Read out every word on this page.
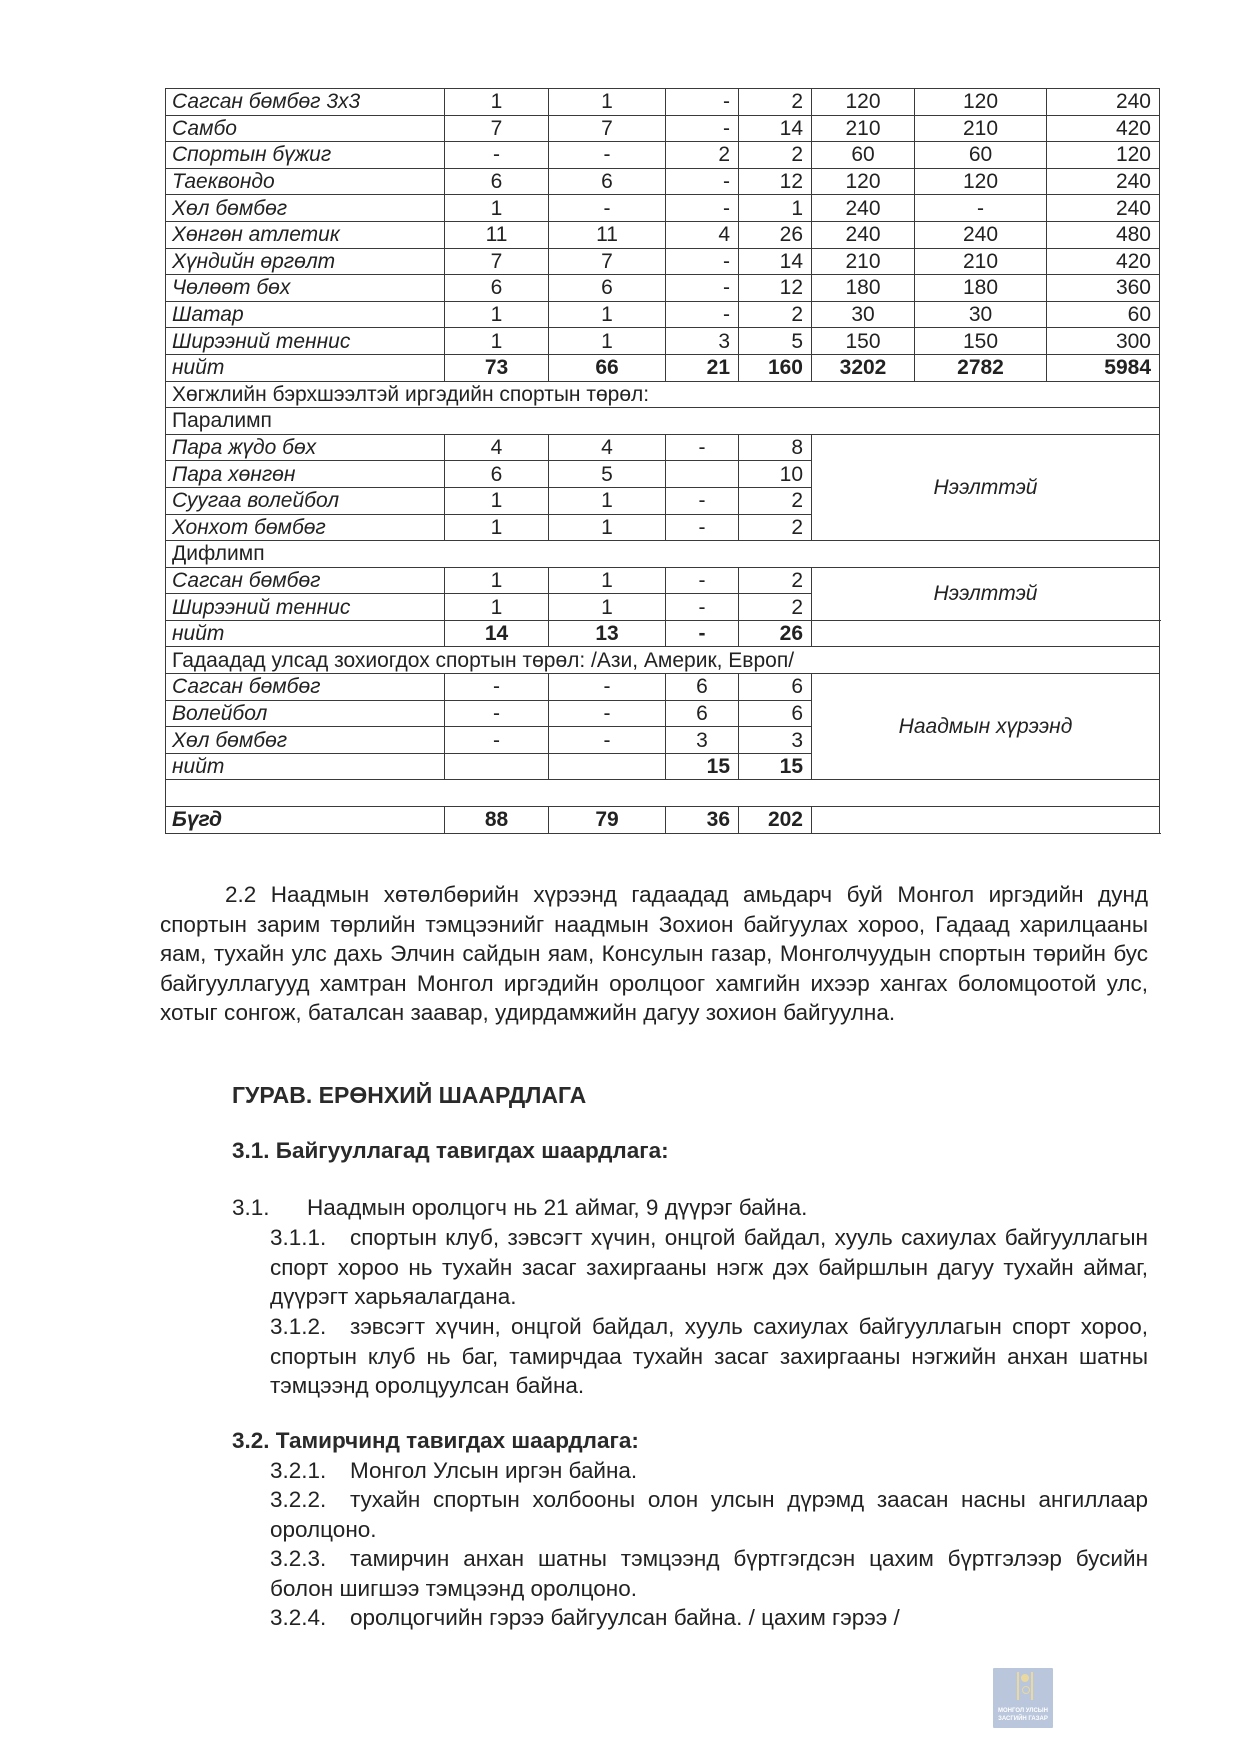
Сагсан бөмбөг 3х3	1	1	-	2	120	120	240
Самбо	7	7	-	14	210	210	420
Спортын бүжиг	-	-	2	2	60	60	120
Таеквондо	6	6	-	12	120	120	240
Хөл бөмбөг	1	-	-	1	240	-	240
Хөнгөн атлетик	11	11	4	26	240	240	480
Хүндийн өргөлт	7	7	-	14	210	210	420
Чөлөөт бөх	6	6	-	12	180	180	360
Шатар	1	1	-	2	30	30	60
Ширээний теннис	1	1	3	5	150	150	300
нийт	73	66	21	160	3202	2782	5984
Хөгжлийн бэрхшээлтэй иргэдийн спортын төрөл:							
Паралимп							
Пара жүдо бөх	4	4	-	8	Нээлттэй		
Пара хөнгөн	6	5		10			
Суугаа волейбол	1	1	-	2			
Хонхот бөмбөг	1	1	-	2			
Дифлимп							
Сагсан бөмбөг	1	1	-	2	Нээлттэй		
Ширээний теннис	1	1	-	2			
нийт	14	13	-	26			
Гадаадад улсад зохиогдох спортын төрөл: /Ази, Америк, Европ/							
Сагсан бөмбөг	-	-	6	6	Наадмын хүрээнд		
Волейбол	-	-	6	6			
Хөл бөмбөг	-	-	3	3			
нийт			15	15			

Бүгд	88	79	36	202			
2.2 Наадмын хөтөлбөрийн хүрээнд гадаадад амьдарч буй Монгол иргэдийн дунд спортын зарим төрлийн тэмцээнийг наадмын Зохион байгуулах хороо, Гадаад харилцааны яам, тухайн улс дахь Элчин сайдын яам, Консулын газар, Монголчуудын спортын төрийн бус байгууллагууд хамтран Монгол иргэдийн оролцоог хамгийн ихээр хангах боломцоотой улс, хотыг сонгож, баталсан заавар, удирдамжийн дагуу зохион байгуулна.
ГУРАВ. ЕРӨНХИЙ ШААРДЛАГА
3.1. Байгууллагад тавигдах шаардлага:
3.1. Наадмын оролцогч нь 21 аймаг, 9 дүүрэг байна.
3.1.1. спортын клуб, зэвсэгт хүчин, онцгой байдал, хууль сахиулах байгууллагын спорт хороо нь тухайн засаг захиргааны нэгж дэх байршлын дагуу тухайн аймаг, дүүрэгт харьяалагдана.
3.1.2. зэвсэгт хүчин, онцгой байдал, хууль сахиулах байгууллагын спорт хороо, спортын клуб нь баг, тамирчдаа тухайн засаг захиргааны нэгжийн анхан шатны тэмцээнд оролцуулсан байна.
3.2. Тамирчинд тавигдах шаардлага:
3.2.1. Монгол Улсын иргэн байна.
3.2.2. тухайн спортын холбооны олон улсын дүрэмд заасан насны ангиллаар оролцоно.
3.2.3. тамирчин анхан шатны тэмцээнд бүртгэгдсэн цахим бүртгэлээр бусийн болон шигшээ тэмцээнд оролцоно.
3.2.4. оролцогчийн гэрээ байгуулсан байна. / цахим гэрээ /
МОНГОЛ УЛСЫН
ЗАСГИЙН ГАЗАР
